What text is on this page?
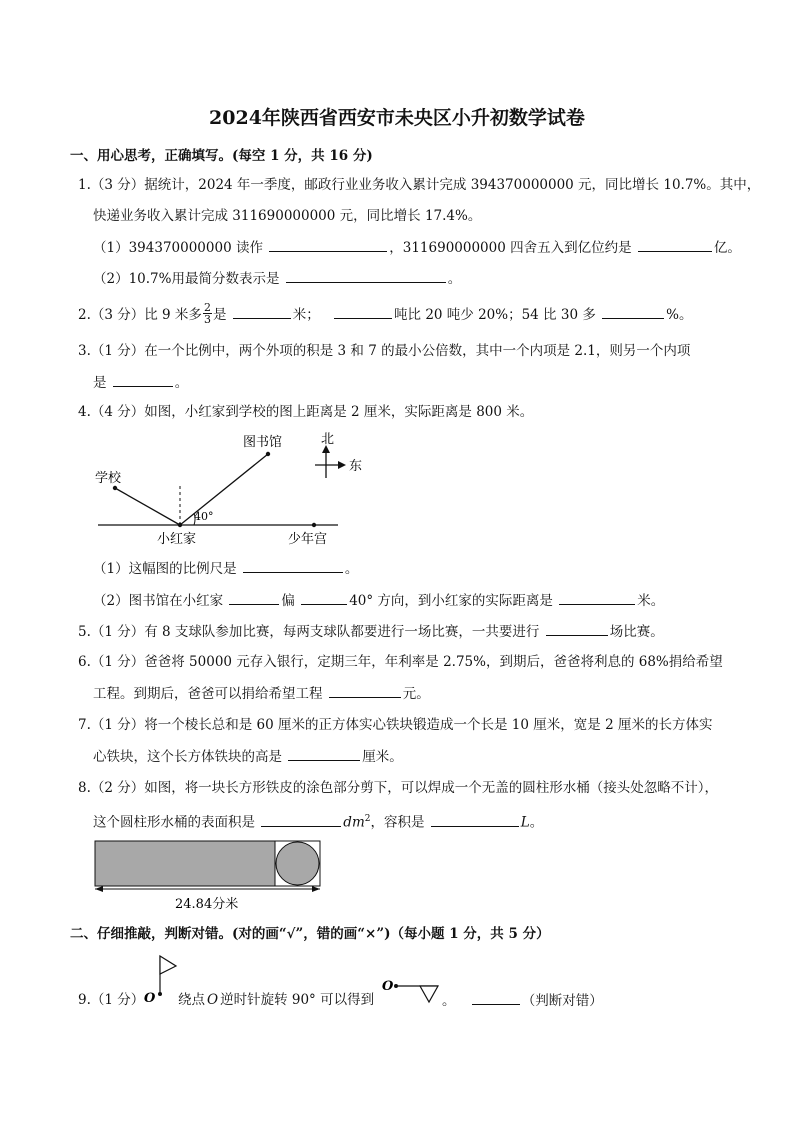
2024年陕西省西安市未央区小升初数学试卷
一、用心思考，正确填写。(每空 1 分，共 16 分)
1.（3 分）据统计，2024 年一季度，邮政行业业务收入累计完成 394370000000 元，同比增长 10.7%。其中，
快递业务收入累计完成 311690000000 元，同比增长 17.4%。
（1）394370000000 读作	，311690000000 四舍五入到亿位约是	亿。
（2）10.7%用最简分数表示是	。
2.（3 分）比 9 米多 $\frac{2}{3}$ 是	米；	吨比 20 吨少 20%；54 比 30 多	%。
3.（1 分）在一个比例中，两个外项的积是 3 和 7 的最小公倍数，其中一个内项是 2.1，则另一个内项
是	。
4.（4 分）如图，小红家到学校的图上距离是 2 厘米，实际距离是 800 米。
图书馆	北
东
学校
40°
小红家	少年宫
（1）这幅图的比例尺是	。
（2）图书馆在小红家	偏	40° 方向，到小红家的实际距离是	米。
5.（1 分）有 8 支球队参加比赛，每两支球队都要进行一场比赛，一共要进行	场比赛。
6.（1 分）爸爸将 50000 元存入银行，定期三年，年利率是 2.75%，到期后，爸爸将利息的 68%捐给希望
工程。到期后，爸爸可以捐给希望工程	元。
7.（1 分）将一个棱长总和是 60 厘米的正方体实心铁块锻造成一个长是 10 厘米，宽是 2 厘米的长方体实
心铁块，这个长方体铁块的高是	厘米。
8.（2 分）如图，将一块长方形铁皮的涂色部分剪下，可以焊成一个无盖的圆柱形水桶（接头处忽略不计），
这个圆柱形水桶的表面积是	$dm^2$，容积是	L。
24.84分米
二、仔细推敲，判断对错。(对的画“√”，错的画“×”)（每小题 1 分，共 5 分）
9.（1 分） O 绕点 O 逆时针旋转 90° 可以得到
O
。	（判断对错）
